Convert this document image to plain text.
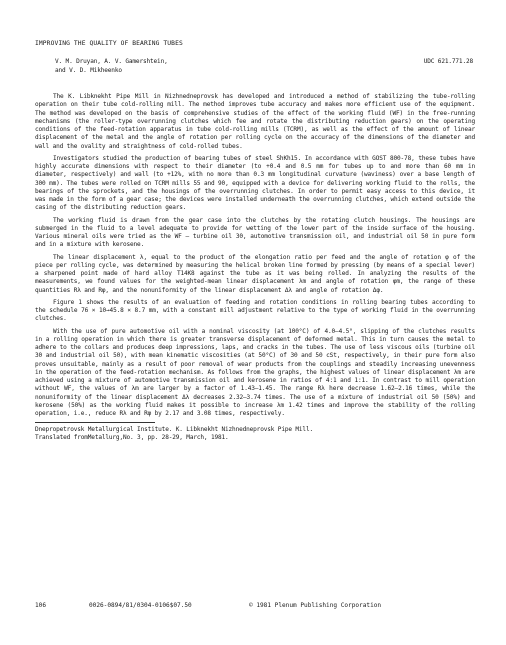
IMPROVING THE QUALITY OF BEARING TUBES
V. M. Druyan, A. V. Gamershtein,
and V. D. Mikheenko
UDC 621.771.28

The K. Libknekht Pipe Mill in Nizhnedneprovsk has developed and introduced a method of stabilizing the tube-rolling operation on their tube cold-rolling mill. The method improves tube accuracy and makes more efficient use of the equipment. The method was developed on the basis of comprehensive studies of the effect of the working fluid (WF) in the free-running mechanisms (the roller-type overrunning clutches which fee and rotate the distributing reduction gears) on the operating conditions of the feed-rotation apparatus in tube cold-rolling mills (TCRM), as well as the effect of the amount of linear displacement of the metal and the angle of rotation per rolling cycle on the accuracy of the dimensions of the diameter and wall and the ovality and straightness of cold-rolled tubes.

Investigators studied the production of bearing tubes of steel ShKh15. In accordance with GOST 800-78, these tubes have highly accurate dimensions with respect to their diameter (to +0.4 and 0.5 mm for tubes up to and more than 60 mm in diameter, respectively) and wall (to +12%, with no more than 0.3 mm longitudinal curvature (waviness) over a base length of 300 mm). The tubes were rolled on TCRM mills 55 and 90, equipped with a device for delivering working fluid to the rolls, the bearings of the sprockets, and the housings of the overrunning clutches. In order to permit easy access to this device, it was made in the form of a gear case; the devices were installed underneath the overrunning clutches, which extend outside the casing of the distributing reduction gears.

The working fluid is drawn from the gear case into the clutches by the rotating clutch housings. The housings are submerged in the fluid to a level adequate to provide for wetting of the lower part of the inside surface of the housing. Various mineral oils were tried as the WF — turbine oil 30, automotive transmission oil, and industrial oil 50 in pure form and in a mixture with kerosene.

The linear displacement λ, equal to the product of the elongation ratio per feed and the angle of rotation φ of the piece per rolling cycle, was determined by measuring the helical broken line formed by pressing (by means of a special lever) a sharpened point made of hard alloy T14K8 against the tube as it was being rolled. In analyzing the results of the measurements, we found values for the weighted-mean linear displacement λm and angle of rotation φm, the range of these quantities Rλ and Rφ, and the nonuniformity of the linear displacement Δλ and angle of rotation Δφ.

Figure 1 shows the results of an evaluation of feeding and rotation conditions in rolling bearing tubes according to the schedule 76 × 10→45.8 × 8.7 mm, with a constant mill adjustment relative to the type of working fluid in the overrunning clutches.

With the use of pure automotive oil with a nominal viscosity (at 100°C) of 4.0–4.5°, slipping of the clutches results in a rolling operation in which there is greater transverse displacement of deformed metal. This in turn causes the metal to adhere to the collars and produces deep impressions, laps, and cracks in the tubes. The use of less viscous oils (turbine oil 30 and industrial oil 50), with mean kinematic viscosities (at 50°C) of 30 and 50 cSt, respectively, in their pure form also proves unsuitable, mainly as a result of poor removal of wear products from the couplings and steadily increasing unevenness in the operation of the feed-rotation mechanism. As follows from the graphs, the highest values of linear displacement λm are achieved using a mixture of automotive transmission oil and kerosene in ratios of 4:1 and 1:1. In contrast to mill operation without WF, the values of λm are larger by a factor of 1.43–1.45. The range Rλ here decrease 1.62–2.16 times, while the nonuniformity of the linear displacement Δλ decreases 2.32–3.74 times. The use of a mixture of industrial oil 50 (50%) and kerosene (50%) as the working fluid makes it possible to increase λm 1.42 times and improve the stability of the rolling operation, i.e., reduce Rλ and Rφ by 2.17 and 3.08 times, respectively.

Dnepropetrovsk Metallurgical Institute. K. Libknekht Nizhnedneprovsk Pipe Mill.
Translated fromMetallurg,No. 3, pp. 28-29, March, 1981.
106	0026-0894/81/0304-0106$07.50	© 1981 Plenum Publishing Corporation
